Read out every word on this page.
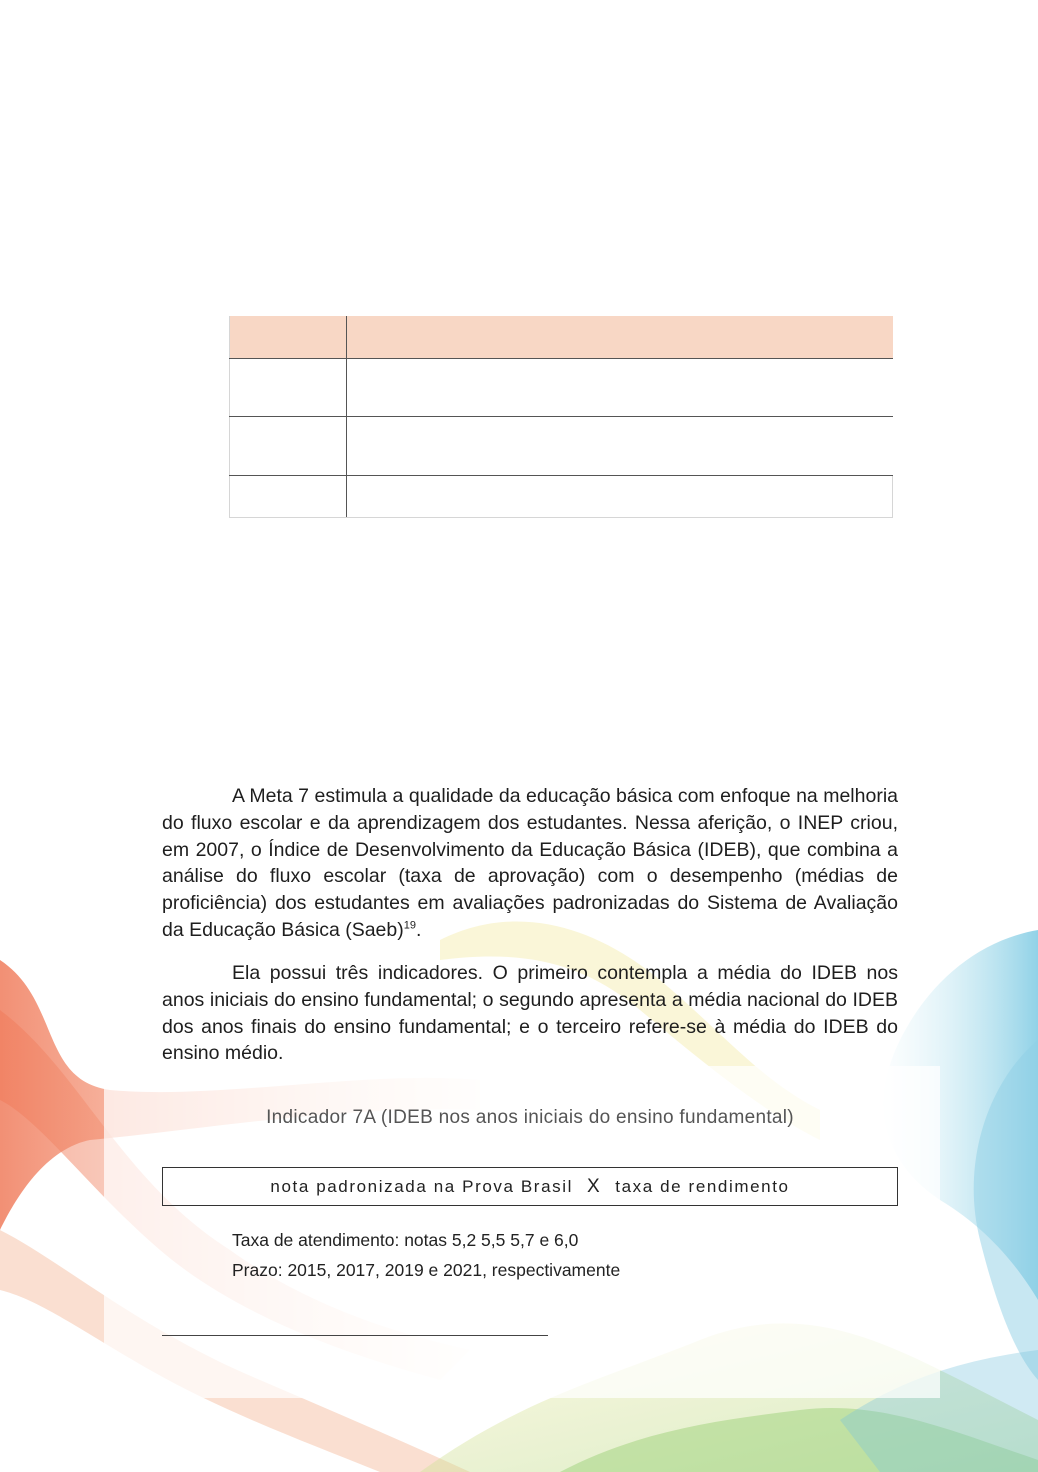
A Meta 7 estimula a qualidade da educação básica com enfoque na melhoria do fluxo escolar e da aprendizagem dos estudantes. Nessa aferição, o INEP criou, em 2007, o Índice de Desenvolvimento da Educação Básica (IDEB), que combina a análise do fluxo escolar (taxa de aprovação) com o desempenho (médias de proficiência) dos estudantes em avaliações padronizadas do Sistema de Avaliação da Educação Básica (Saeb)$^{19}$.

Ela possui três indicadores. O primeiro contempla a média do IDEB nos anos iniciais do ensino fundamental; o segundo apresenta a média nacional do IDEB dos anos finais do ensino fundamental; e o terceiro refere-se à média do IDEB do ensino médio.

Indicador 7A (IDEB nos anos iniciais do ensino fundamental)
nota padronizada na Prova Brasil X taxa de rendimento
Taxa de atendimento: notas 5,2 5,5 5,7 e 6,0
Prazo: 2015, 2017, 2019 e 2021, respectivamente
